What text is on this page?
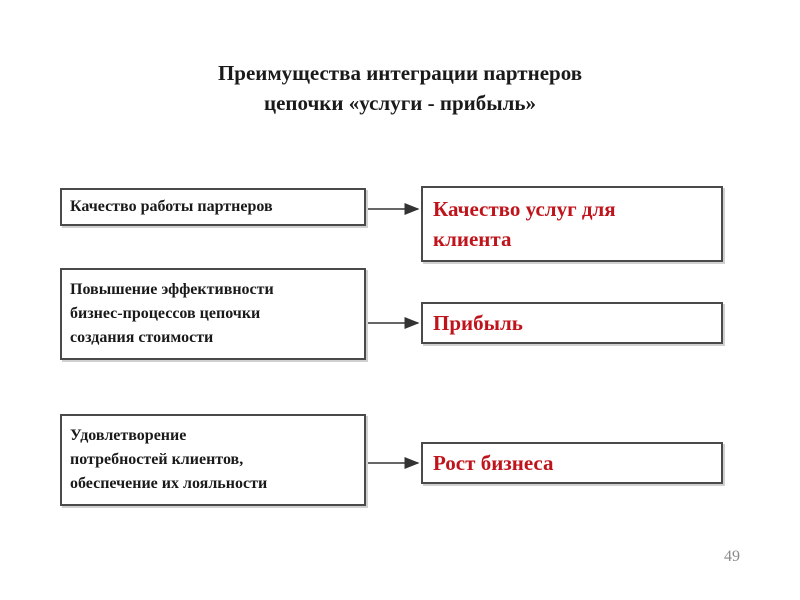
Преимущества интеграции партнеров
цепочки «услуги - прибыль»
Качество работы партнеров	Качество услуг для
клиента
Повышение эффективности
бизнес-процессов цепочки
создания стоимости
Прибыль
Удовлетворение
потребностей клиентов,
обеспечение их лояльности
Рост бизнеса
49
